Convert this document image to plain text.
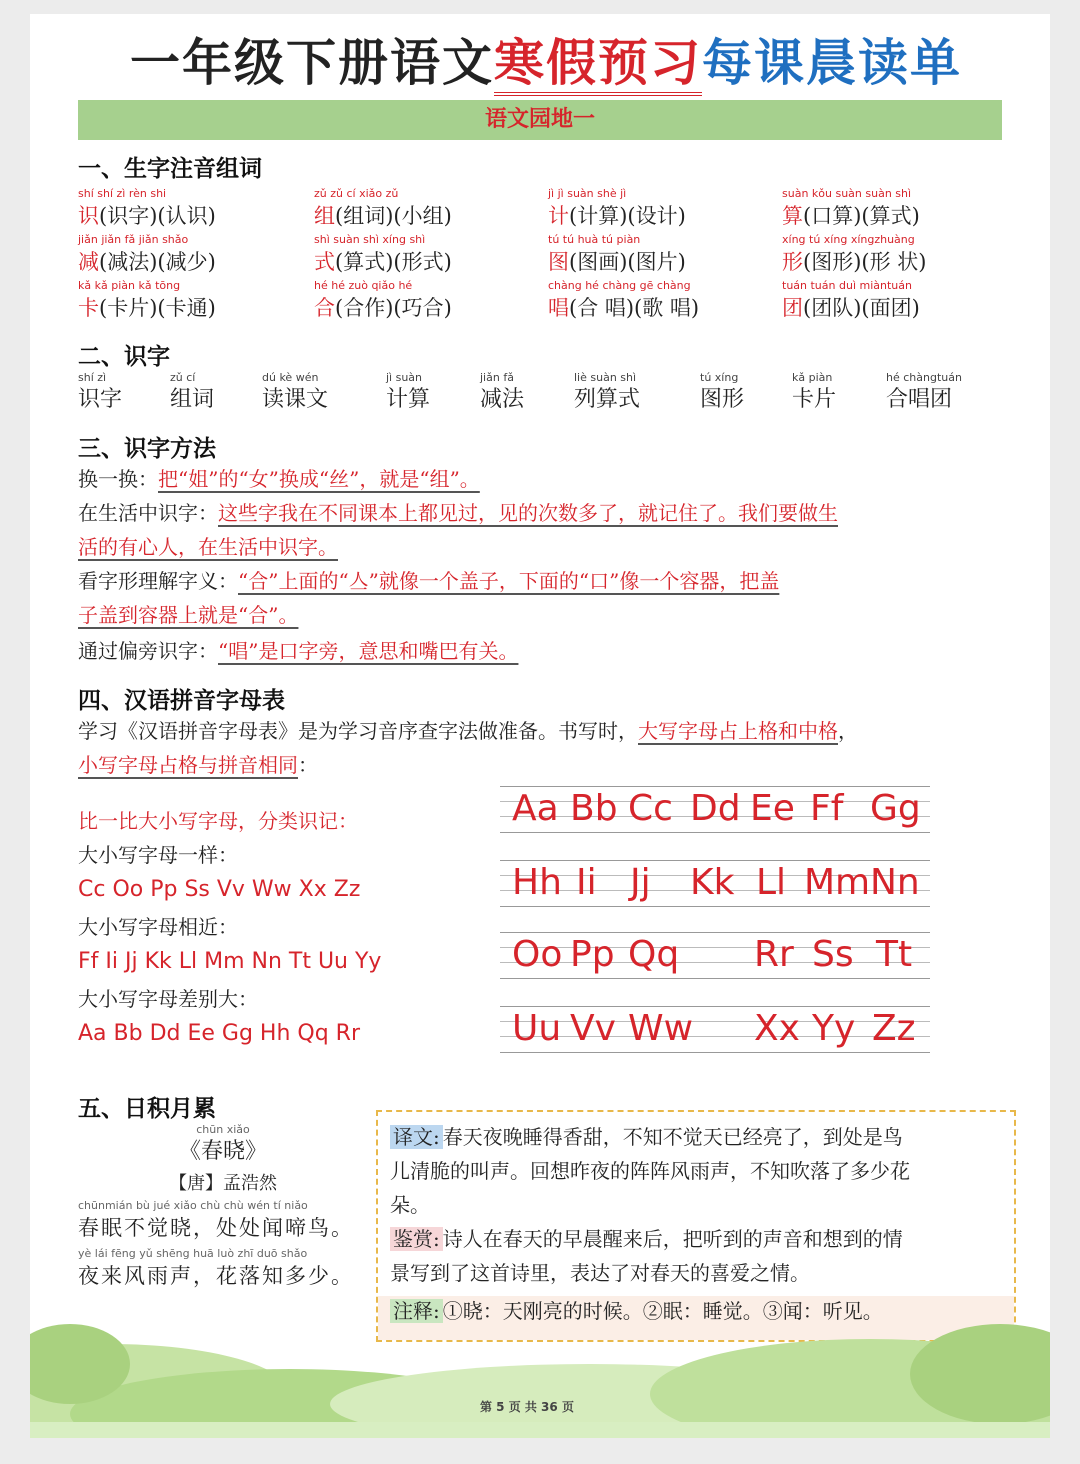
一年级下册语文寒假预习每课晨读单
语文园地一
一、生字注音组词
shí shí zì rèn shi
识(识字)(认识)
zǔ zǔ cí xiǎo zǔ
组(组词)(小组)
jì jì suàn shè jì
计(计算)(设计)
suàn kǒu suàn suàn shì
算(口算)(算式)
jiǎn jiǎn fǎ jiǎn shǎo
减(减法)(减少)
shì suàn shì xíng shì
式(算式)(形式)
tú tú huà tú piàn
图(图画)(图片)
xíng tú xíng xíngzhuàng
形(图形)(形 状)
kǎ kǎ piàn kǎ tōng
卡(卡片)(卡通)
hé hé zuò qiǎo hé
合(合作)(巧合)
chàng hé chàng gē chàng
唱(合 唱)(歌 唱)
tuán tuán duì miàntuán
团(团队)(面团)
二、识字
shí zì
识字
zǔ cí
组词
dú kè wén
读课文
jì suàn
计算
jiǎn fǎ
减法
liè suàn shì
列算式
tú xíng
图形
kǎ piàn
卡片
hé chàngtuán
合唱团
三、识字方法
换一换：把“姐”的“女”换成“丝”，就是“组”。
在生活中识字：这些字我在不同课本上都见过，见的次数多了，就记住了。我们要做生
活的有心人，在生活中识字。
看字形理解字义：“合”上面的“亼”就像一个盖子，下面的“口”像一个容器，把盖
子盖到容器上就是“合”。
通过偏旁识字：“唱”是口字旁，意思和嘴巴有关。
四、汉语拼音字母表
学习《汉语拼音字母表》是为学习音序查字法做准备。书写时，大写字母占上格和中格，
小写字母占格与拼音相同：
比一比大小写字母，分类识记：
大小写字母一样：
Cc Oo Pp Ss Vv Ww Xx Zz
大小写字母相近：
Ff Ii Jj Kk Ll Mm Nn Tt Uu Yy
大小写字母差别大：
Aa Bb Dd Ee Gg Hh Qq Rr
Aa Bb Cc Dd Ee Ff Gg
Hh Ii Jj Kk Ll Mm Nn
Oo Pp Qq Rr Ss Tt
Uu Vv Ww Xx Yy Zz
五、日积月累
chūn xiǎo
《春晓》
【唐】孟浩然
chūnmián bù jué xiǎo chù chù wén tí niǎo
春眠不觉晓，处处闻啼鸟。
yè lái fēng yǔ shēng huā luò zhī duō shǎo
夜来风雨声，花落知多少。
译文: 春天夜晚睡得香甜，不知不觉天已经亮了，到处是鸟
儿清脆的叫声。回想昨夜的阵阵风雨声，不知吹落了多少花
朵。
鉴赏: 诗人在春天的早晨醒来后，把听到的声音和想到的情
景写到了这首诗里，表达了对春天的喜爱之情。
注释: ①晓：天刚亮的时候。②眠：睡觉。③闻：听见。
第 5 页 共 36 页
